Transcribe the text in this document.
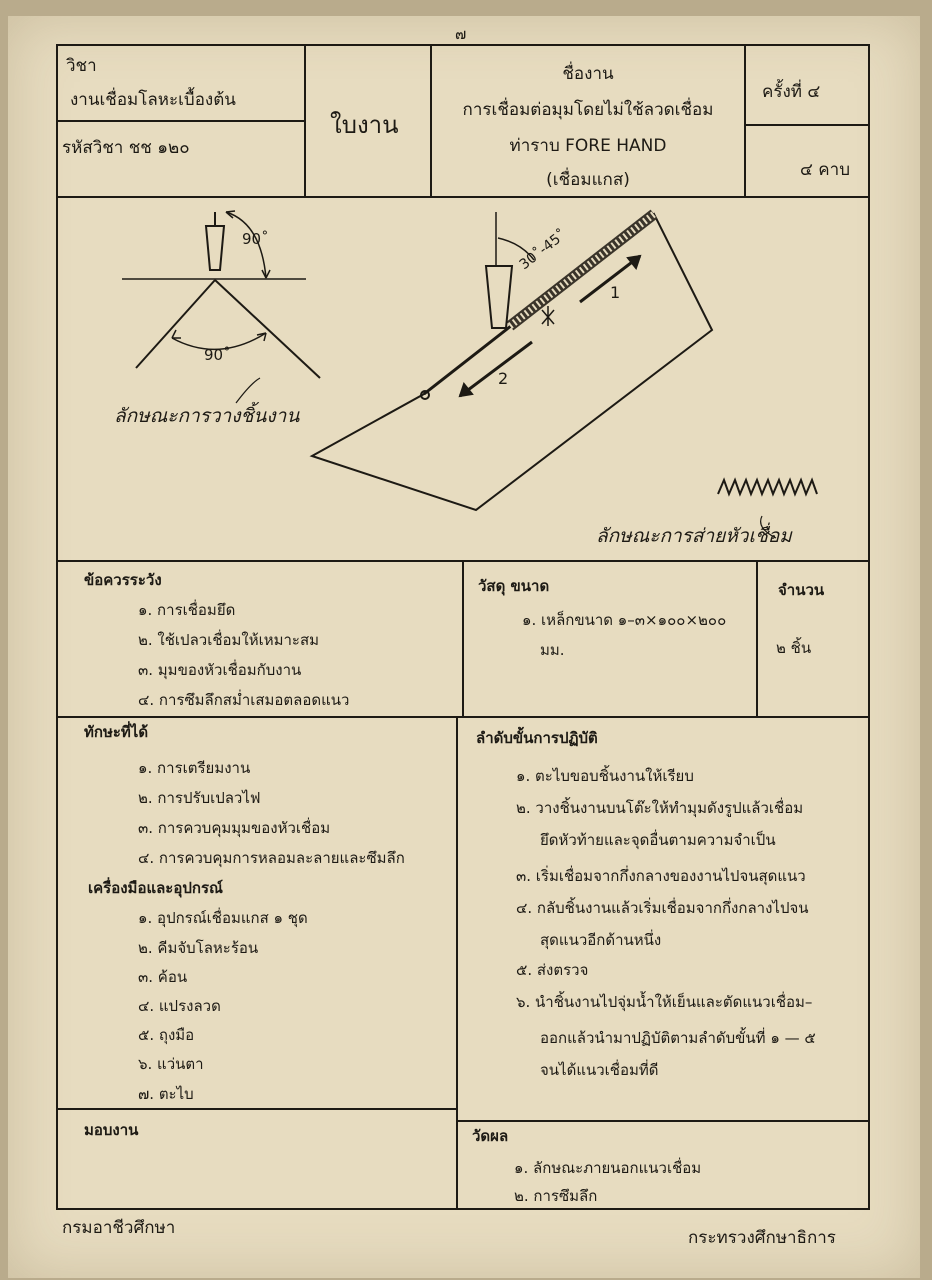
๗
วิชา
งานเชื่อมโลหะเบื้องต้น
รหัสวิชา ชช ๑๒๐
ใบงาน
ชื่องาน
การเชื่อมต่อมุมโดยไม่ใช้ลวดเชื่อม
ท่าราบ FORE HAND
(เชื่อมแกส)
ครั้งที่ ๔
๔ คาบ
90˚
90˚
30˚-45˚
1
2
ลักษณะการวางชิ้นงาน
ลักษณะการส่ายหัวเชื่อม
ข้อควรระวัง
๑. การเชื่อมยึด
๒. ใช้เปลวเชื่อมให้เหมาะสม
๓. มุมของหัวเชื่อมกับงาน
๔. การซึมลึกสม่ำเสมอตลอดแนว
วัสดุ ขนาด
๑. เหล็กขนาด ๑–๓×๑๐๐×๒๐๐
มม.
จำนวน
๒ ชิ้น
ทักษะที่ได้
๑. การเตรียมงาน
๒. การปรับเปลวไฟ
๓. การควบคุมมุมของหัวเชื่อม
๔. การควบคุมการหลอมละลายและซึมลึก
เครื่องมือและอุปกรณ์
๑. อุปกรณ์เชื่อมแกส ๑ ชุด
๒. คีมจับโลหะร้อน
๓. ค้อน
๔. แปรงลวด
๕. ถุงมือ
๖. แว่นตา
๗. ตะไบ
ลำดับขั้นการปฏิบัติ
๑. ตะไบขอบชิ้นงานให้เรียบ
๒. วางชิ้นงานบนโต๊ะให้ทำมุมดังรูปแล้วเชื่อม
ยึดหัวท้ายและจุดอื่นตามความจำเป็น
๓. เริ่มเชื่อมจากกึ่งกลางของงานไปจนสุดแนว
๔. กลับชิ้นงานแล้วเริ่มเชื่อมจากกึ่งกลางไปจน
สุดแนวอีกด้านหนึ่ง
๕. ส่งตรวจ
๖. นำชิ้นงานไปจุ่มน้ำให้เย็นและตัดแนวเชื่อม–
ออกแล้วนำมาปฏิบัติตามลำดับขั้นที่ ๑ — ๕
จนได้แนวเชื่อมที่ดี
มอบงาน	วัดผล
๑. ลักษณะภายนอกแนวเชื่อม
๒. การซึมลึก
กรมอาชีวศึกษา	กระทรวงศึกษาธิการ
